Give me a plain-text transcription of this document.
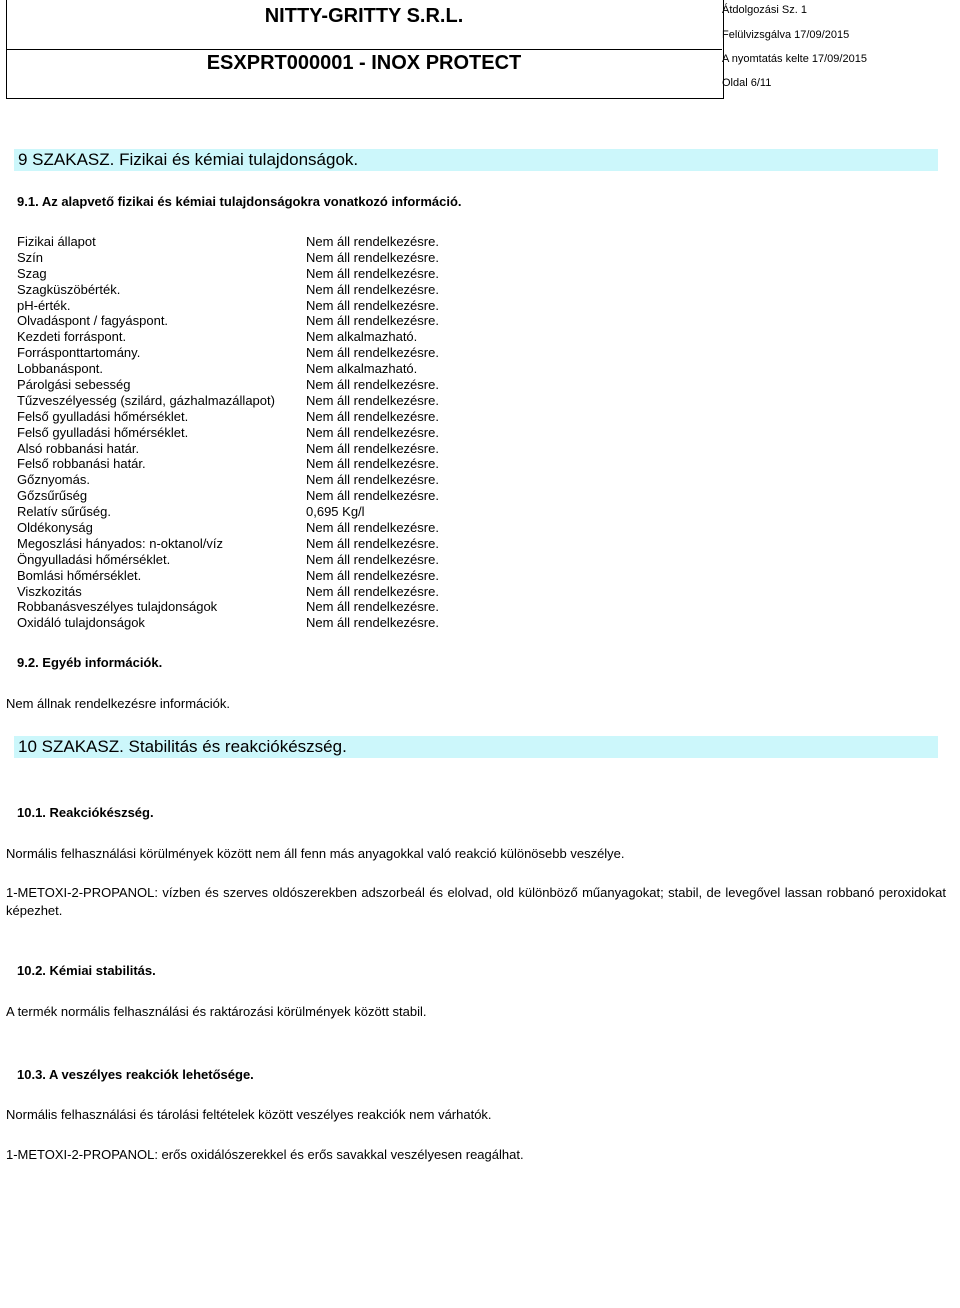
NITTY-GRITTY S.R.L.
ESXPRT000001 - INOX PROTECT
Átdolgozási Sz. 1
Felülvizsgálva 17/09/2015
A nyomtatás kelte 17/09/2015
Oldal 6/11
9 SZAKASZ. Fizikai és kémiai tulajdonságok.
9.1. Az alapvető fizikai és kémiai tulajdonságokra vonatkozó információ.
Fizikai állapot	Nem áll rendelkezésre.
Szín	Nem áll rendelkezésre.
Szag	Nem áll rendelkezésre.
Szagküszöbérték.	Nem áll rendelkezésre.
pH-érték.	Nem áll rendelkezésre.
Olvadáspont / fagyáspont.	Nem áll rendelkezésre.
Kezdeti forráspont.	Nem alkalmazható.
Forrásponttartomány.	Nem áll rendelkezésre.
Lobbanáspont.	Nem alkalmazható.
Párolgási sebesség	Nem áll rendelkezésre.
Tűzveszélyesség (szilárd, gázhalmazállapot) Nem áll rendelkezésre.
Felső gyulladási hőmérséklet.	Nem áll rendelkezésre.
Felső gyulladási hőmérséklet.	Nem áll rendelkezésre.
Alsó robbanási határ.	Nem áll rendelkezésre.
Felső robbanási határ.	Nem áll rendelkezésre.
Gőznyomás.	Nem áll rendelkezésre.
Gőzsűrűség	Nem áll rendelkezésre.
Relatív sűrűség.	0,695 Kg/l
Oldékonyság	Nem áll rendelkezésre.
Megoszlási hányados: n-oktanol/víz	Nem áll rendelkezésre.
Öngyulladási hőmérséklet.	Nem áll rendelkezésre.
Bomlási hőmérséklet.	Nem áll rendelkezésre.
Viszkozitás	Nem áll rendelkezésre.
Robbanásveszélyes tulajdonságok	Nem áll rendelkezésre.
Oxidáló tulajdonságok	Nem áll rendelkezésre.
9.2. Egyéb információk.
Nem állnak rendelkezésre információk.
10 SZAKASZ. Stabilitás és reakciókészség.
10.1. Reakciókészség.
Normális felhasználási körülmények között nem áll fenn más anyagokkal való reakció különösebb veszélye.
1-METOXI-2-PROPANOL: vízben és szerves oldószerekben adszorbeál és elolvad, old különböző műanyagokat; stabil, de levegővel lassan robbanó peroxidokat képezhet.
10.2. Kémiai stabilitás.
A termék normális felhasználási és raktározási körülmények között stabil.
10.3. A veszélyes reakciók lehetősége.
Normális felhasználási és tárolási feltételek között veszélyes reakciók nem várhatók.
1-METOXI-2-PROPANOL: erős oxidálószerekkel és erős savakkal veszélyesen reagálhat.
